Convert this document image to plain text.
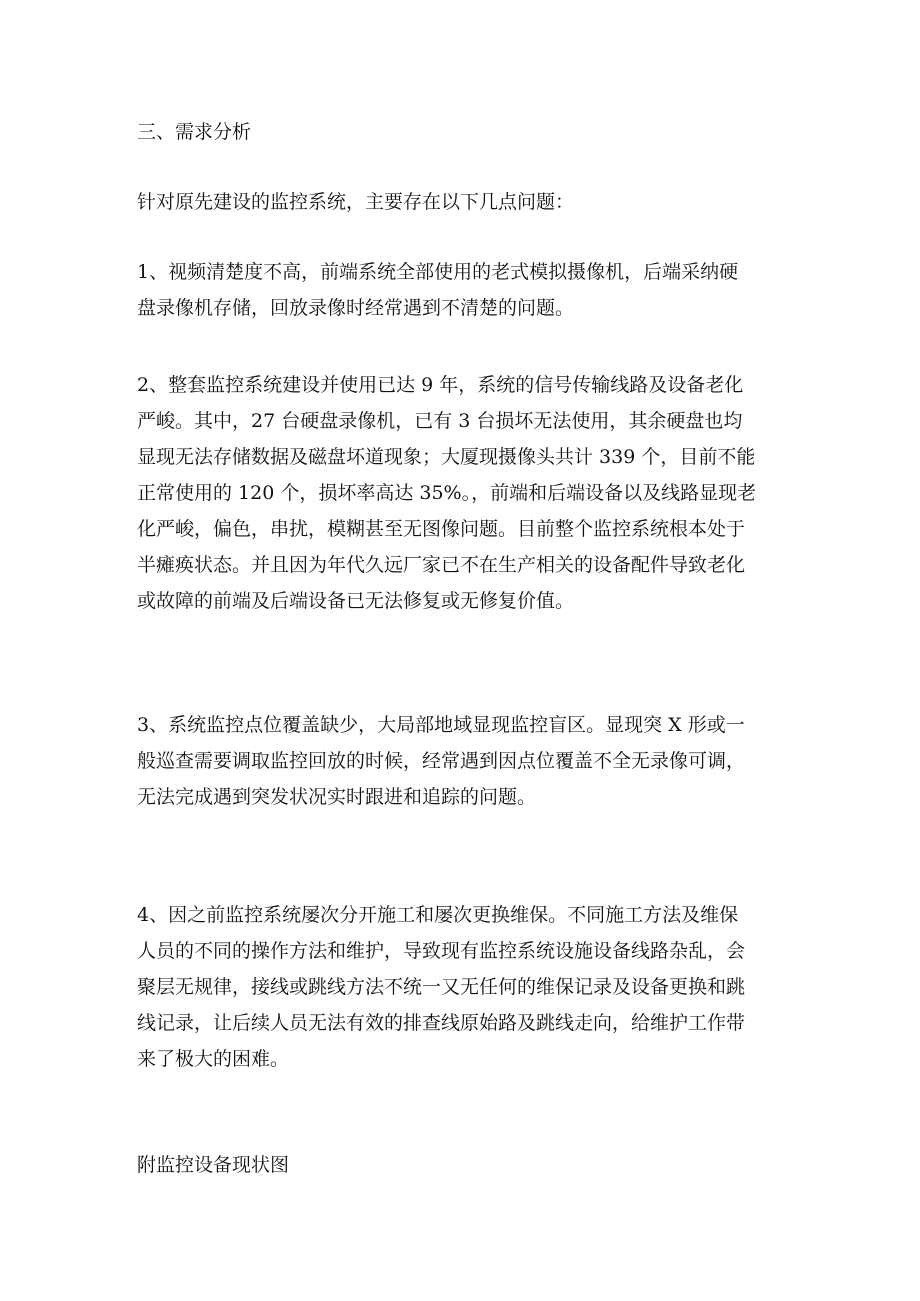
三、需求分析
针对原先建设的监控系统，主要存在以下几点问题：
1、视频清楚度不高，前端系统全部使用的老式模拟摄像机，后端采纳硬
盘录像机存储，回放录像时经常遇到不清楚的问题。
2、整套监控系统建设并使用已达 9 年，系统的信号传输线路及设备老化
严峻。其中，27 台硬盘录像机，已有 3 台损坏无法使用，其余硬盘也均
显现无法存储数据及磁盘坏道现象；大厦现摄像头共计 339 个，目前不能
正常使用的 120 个，损坏率高达 35%。，前端和后端设备以及线路显现老
化严峻，偏色，串扰，模糊甚至无图像问题。目前整个监控系统根本处于
半瘫痪状态。并且因为年代久远厂家已不在生产相关的设备配件导致老化
或故障的前端及后端设备已无法修复或无修复价值。
3、系统监控点位覆盖缺少，大局部地域显现监控盲区。显现突 X 形或一
般巡查需要调取监控回放的时候，经常遇到因点位覆盖不全无录像可调，
无法完成遇到突发状况实时跟进和追踪的问题。
4、因之前监控系统屡次分开施工和屡次更换维保。不同施工方法及维保
人员的不同的操作方法和维护，导致现有监控系统设施设备线路杂乱，会
聚层无规律，接线或跳线方法不统一又无任何的维保记录及设备更换和跳
线记录，让后续人员无法有效的排查线原始路及跳线走向，给维护工作带
来了极大的困难。
附监控设备现状图
